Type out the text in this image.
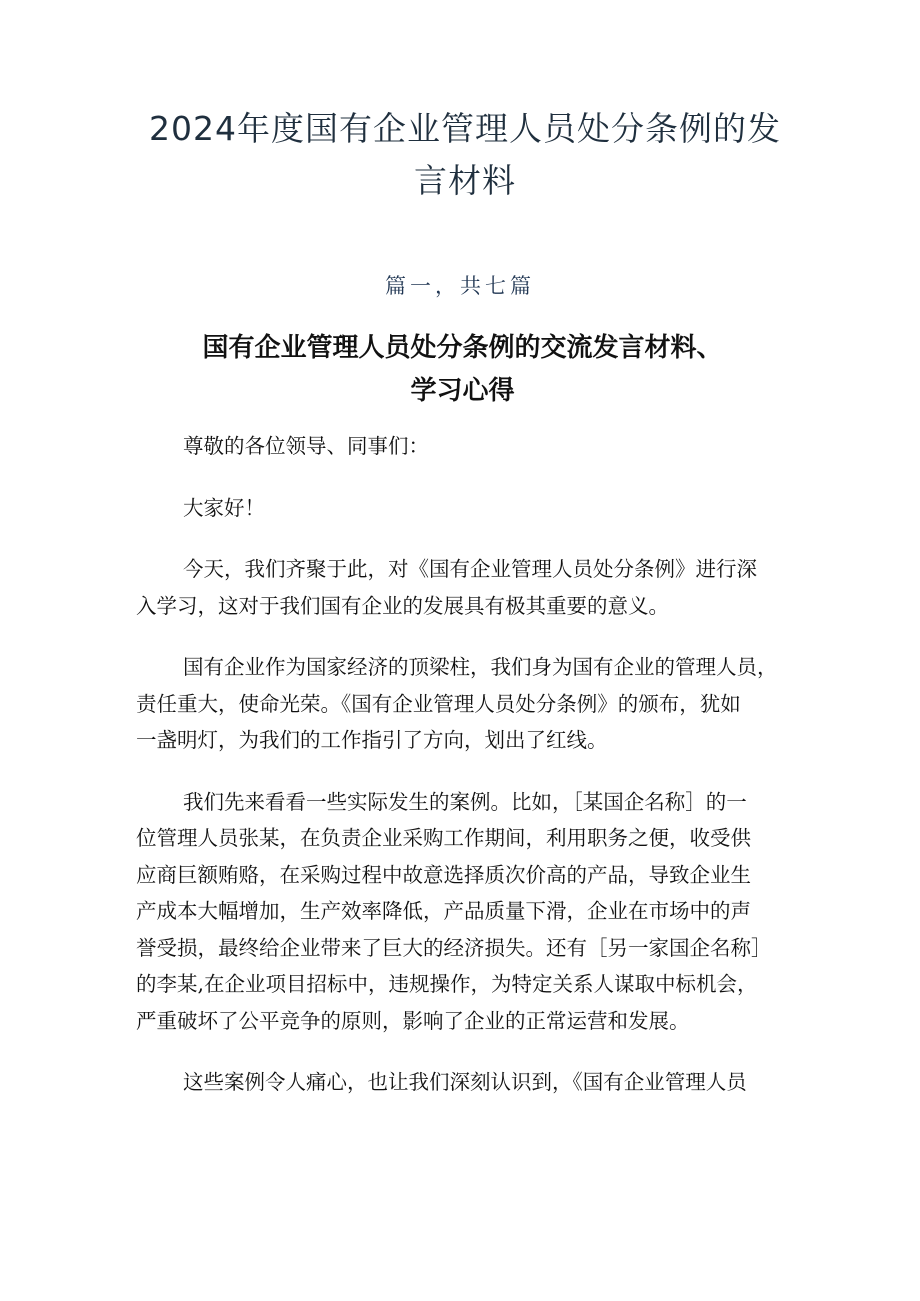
2024年度国有企业管理人员处分条例的发
言材料
篇一，共七篇
国有企业管理人员处分条例的交流发言材料、
学习心得
尊敬的各位领导、同事们：
大家好！
今天，我们齐聚于此，对《国有企业管理人员处分条例》进行深
入学习，这对于我们国有企业的发展具有极其重要的意义。
国有企业作为国家经济的顶梁柱，我们身为国有企业的管理人员，
责任重大，使命光荣。《国有企业管理人员处分条例》的颁布，犹如
一盏明灯，为我们的工作指引了方向，划出了红线。
我们先来看看一些实际发生的案例。比如，［某国企名称］的一
位管理人员张某，在负责企业采购工作期间，利用职务之便，收受供
应商巨额贿赂，在采购过程中故意选择质次价高的产品，导致企业生
产成本大幅增加，生产效率降低，产品质量下滑，企业在市场中的声
誉受损，最终给企业带来了巨大的经济损失。还有［另一家国企名称］
的李某,在企业项目招标中，违规操作，为特定关系人谋取中标机会，
严重破坏了公平竞争的原则，影响了企业的正常运营和发展。
这些案例令人痛心，也让我们深刻认识到，《国有企业管理人员
